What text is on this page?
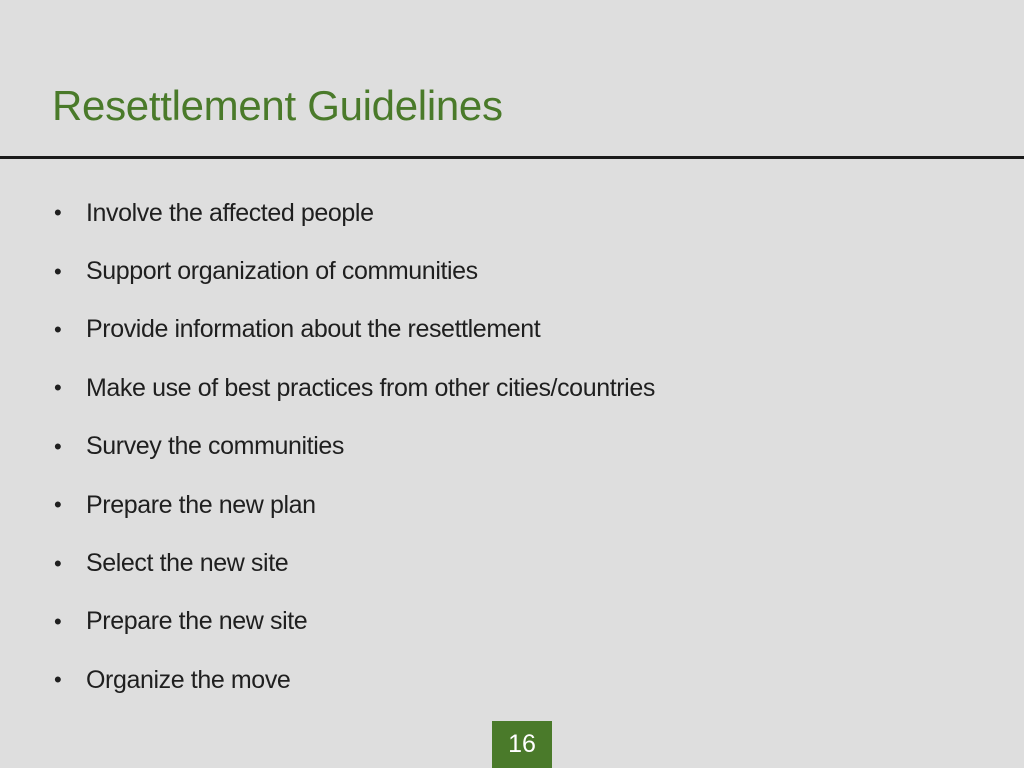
Resettlement Guidelines
• Involve the affected people
• Support organization of communities
• Provide information about the resettlement
• Make use of best practices from other cities/countries
• Survey the communities
• Prepare the new plan
• Select the new site
• Prepare the new site
• Organize the move
16
